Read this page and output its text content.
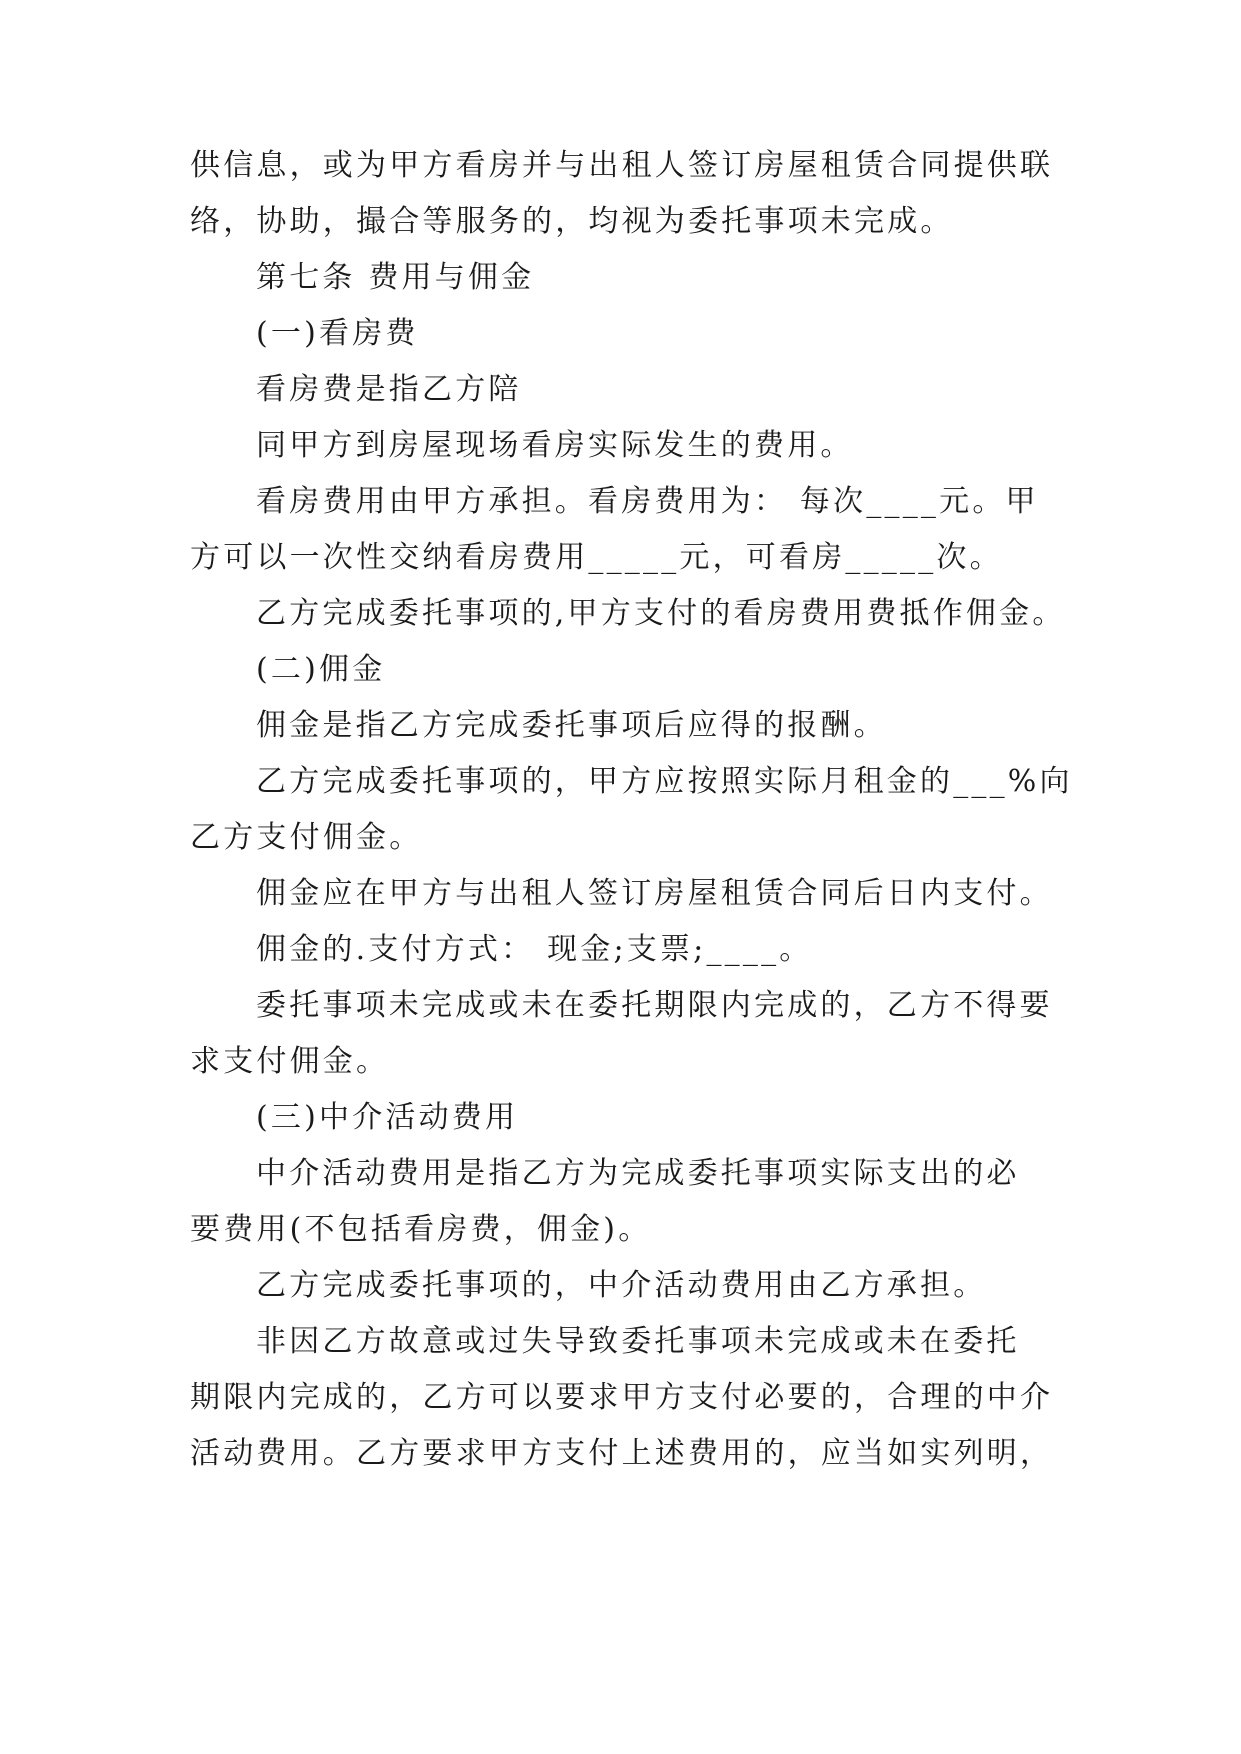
供信息，或为甲方看房并与出租人签订房屋租赁合同提供联
络，协助，撮合等服务的，均视为委托事项未完成。
第七条 费用与佣金
(一)看房费
看房费是指乙方陪
同甲方到房屋现场看房实际发生的费用。
看房费用由甲方承担。看房费用为： 每次____元。甲
方可以一次性交纳看房费用_____元，可看房_____次。
乙方完成委托事项的,甲方支付的看房费用费抵作佣金。
(二)佣金
佣金是指乙方完成委托事项后应得的报酬。
乙方完成委托事项的，甲方应按照实际月租金的___%向
乙方支付佣金。
佣金应在甲方与出租人签订房屋租赁合同后日内支付。
佣金的.支付方式： 现金;支票;____。
委托事项未完成或未在委托期限内完成的，乙方不得要
求支付佣金。
(三)中介活动费用
中介活动费用是指乙方为完成委托事项实际支出的必
要费用(不包括看房费，佣金)。
乙方完成委托事项的，中介活动费用由乙方承担。
非因乙方故意或过失导致委托事项未完成或未在委托
期限内完成的，乙方可以要求甲方支付必要的，合理的中介
活动费用。乙方要求甲方支付上述费用的，应当如实列明，
